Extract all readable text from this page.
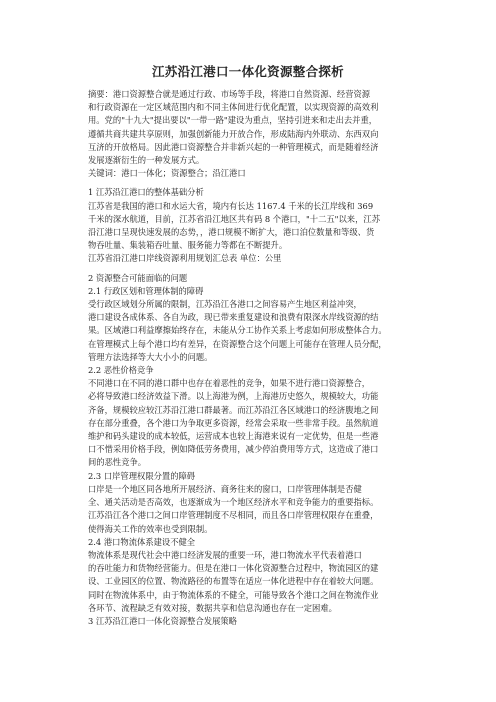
江苏沿江港口一体化资源整合探析
摘要：港口资源整合就是通过行政、市场等手段，将港口自然资源、经营资源
和行政资源在一定区域范围内和不同主体间进行优化配置，以实现资源的高效利
用。党的"十九大"提出要以"一带一路"建设为重点，坚持引进来和走出去并重，
遵循共商共建共享原则，加强创新能力开放合作，形成陆海内外联动、东西双向
互济的开放格局。因此港口资源整合并非新兴起的一种管理模式，而是随着经济
发展逐渐衍生的一种发展方式。
关键词：港口一体化；资源整合；沿江港口
1 江苏沿江港口的整体基础分析
江苏省是我国的港口和水运大省，境内有长达 1167.4 千米的长江岸线和 369
千米的深水航道，目前，江苏省沿江地区共有码 8 个港口，"十二五"以来，江苏
沿江港口呈现快速发展的态势，，港口规模不断扩大，港口泊位数量和等级、货
物吞吐量、集装箱吞吐量、服务能力等都在不断提升。
江苏省沿江港口岸线资源利用规划汇总表 单位：公里
2 资源整合可能面临的问题
2.1 行政区划和管理体制的障碍
受行政区域划分所属的限制，江苏沿江各港口之间容易产生地区利益冲突，
港口建设各成体系、各自为政，现已带来重复建设和浪费有限深水岸线资源的结
果。区域港口利益摩擦始终存在，未能从分工协作关系上考虑如何形成整体合力。
在管理模式上每个港口均有差异，在资源整合这个问题上可能存在管理人员分配，
管理方法选择等大大小小的问题。
2.2 恶性价格竞争
不同港口在不同的港口群中也存在着恶性的竞争，如果不进行港口资源整合，
必将导致港口经济效益下滑。以上海港为例，上海港历史悠久，规模较大，功能
齐备，规模较应较江苏沿江港口群最著。而江苏沿江各区域港口的经济腹地之间
存在部分重叠，各个港口为争取更多资源，经常会采取一些非常手段。虽然航道
维护和码头建设的成本较低，运营成本也较上海港来说有一定优势，但是一些港
口不惜采用价格手段，例如降低劳务费用，减少停泊费用等方式，这造成了港口
间的恶性竞争。
2.3 口岸管理权限分置的障碍
口岸是一个地区同各地所开展经济、商务往来的窗口，口岸管理体制是否健
全、通关活动是否高效，也逐渐成为一个地区经济水平和竞争能力的重要指标。
江苏沿江各个港口之间口岸管理制度不尽相同，而且各口岸管理权限存在重叠，
使得海关工作的效率也受到限制。
2.4 港口物流体系建设不健全
物流体系是现代社会中港口经济发展的重要一环，港口物流水平代表着港口
的吞吐能力和货物经营能力。但是在港口一体化资源整合过程中，物流园区的建
设、工业园区的位置、物流路径的布置等在适应一体化进程中存在着较大问题。
同时在物流体系中，由于物流体系的不健全，可能导致各个港口之间在物流作业
各环节、流程缺乏有效对接，数据共享和信息沟通也存在一定困难。
3 江苏沿江港口一体化资源整合发展策略
